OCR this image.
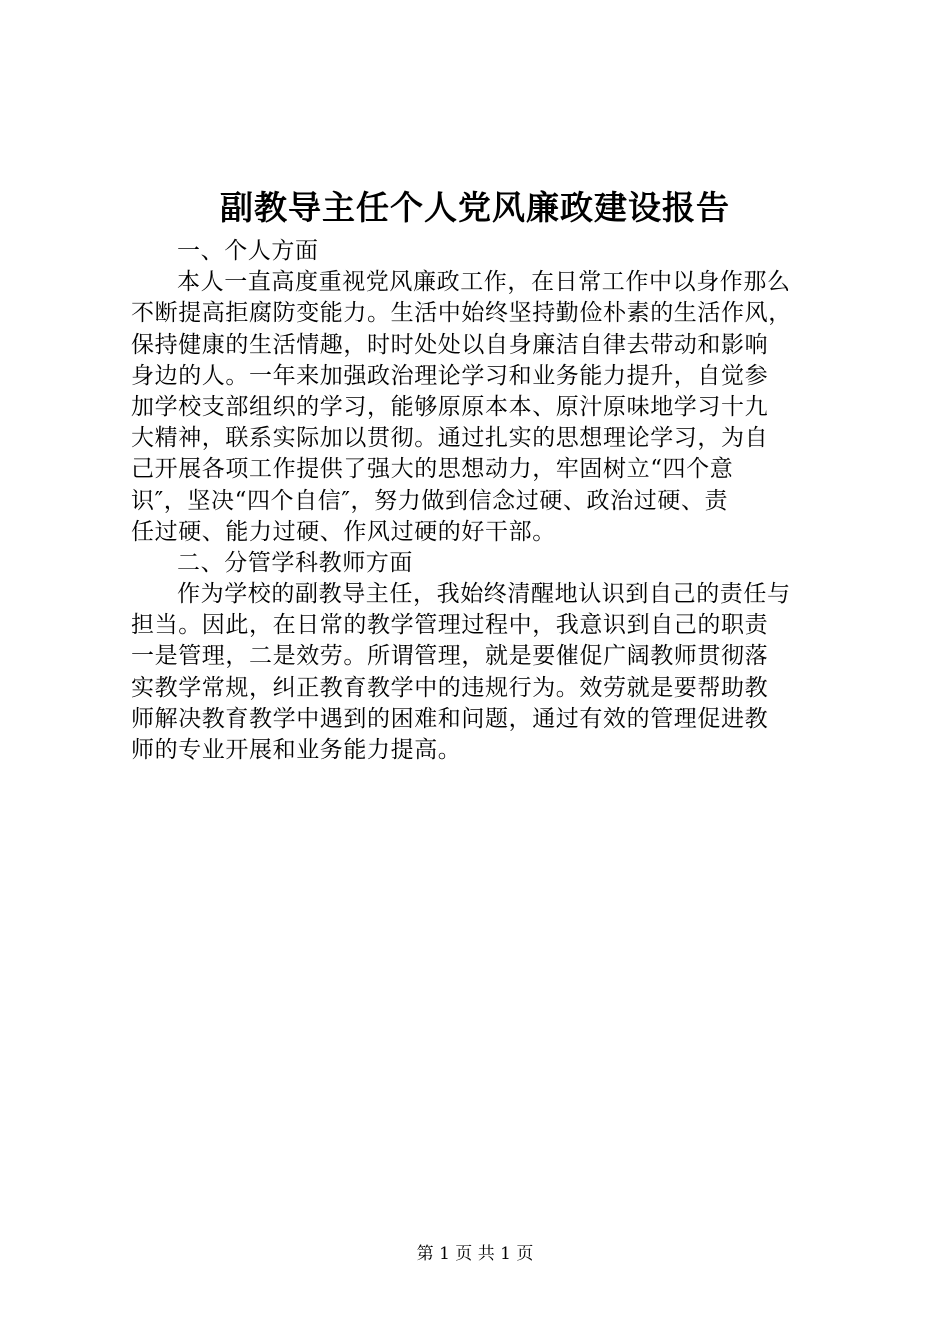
副教导主任个人党风廉政建设报告
一、个人方面
本人一直高度重视党风廉政工作，在日常工作中以身作那么
不断提高拒腐防变能力。生活中始终坚持勤俭朴素的生活作风，
保持健康的生活情趣，时时处处以自身廉洁自律去带动和影响
身边的人。一年来加强政治理论学习和业务能力提升，自觉参
加学校支部组织的学习，能够原原本本、原汁原味地学习十九
大精神，联系实际加以贯彻。通过扎实的思想理论学习，为自
己开展各项工作提供了强大的思想动力，牢固树立“四个意
识″，坚决“四个自信″，努力做到信念过硬、政治过硬、责
任过硬、能力过硬、作风过硬的好干部。
二、分管学科教师方面
作为学校的副教导主任，我始终清醒地认识到自己的责任与
担当。因此，在日常的教学管理过程中，我意识到自己的职责
一是管理，二是效劳。所谓管理，就是要催促广阔教师贯彻落
实教学常规，纠正教育教学中的违规行为。效劳就是要帮助教
师解决教育教学中遇到的困难和问题，通过有效的管理促进教
师的专业开展和业务能力提高。
第 1 页 共 1 页
